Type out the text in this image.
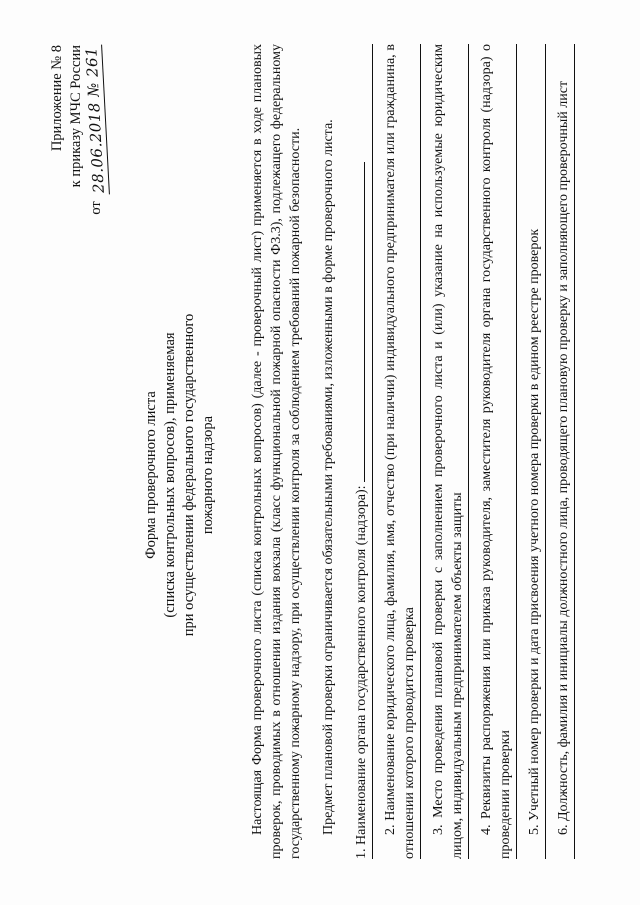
Приложение № 8 к приказу МЧС России
от
28.06.2018 № 261
Форма проверочного листа (списка контрольных вопросов), применяемая при осуществлении федерального государственного пожарного надзора Настоящая Форма проверочного листа (списка контрольных вопросов) (далее - проверочный лист) применяется в ходе плановых проверок, проводимых в отношении издания вокзала (класс функциональной пожарной опасности Ф3.3), подлежащего федеральному государственному пожарному надзору, при осуществлении контроля за соблюдением требований пожарной безопасности. Предмет плановой проверки ограничивается обязательными требованиями, изложенными в форме проверочного листа. 1. Наименование органа государственного контроля (надзора): 2. Наименование юридического лица, фамилия, имя, отчество (при наличии) индивидуального предпринимателя или гражданина, в отношении которого проводится проверка 3. Место проведения плановой проверки с заполнением проверочного листа и (или) указание на используемые юридическим лицом, индивидуальным предпринимателем объекты защиты 4. Реквизиты распоряжения или приказа руководителя, заместителя руководителя органа государственного контроля (надзора) о проведении проверки 5. Учетный номер проверки и дата присвоения учетного номера проверки в едином реестре проверок 6. Должность, фамилия и инициалы должностного лица, проводящего плановую проверку и заполняющего проверочный лист
